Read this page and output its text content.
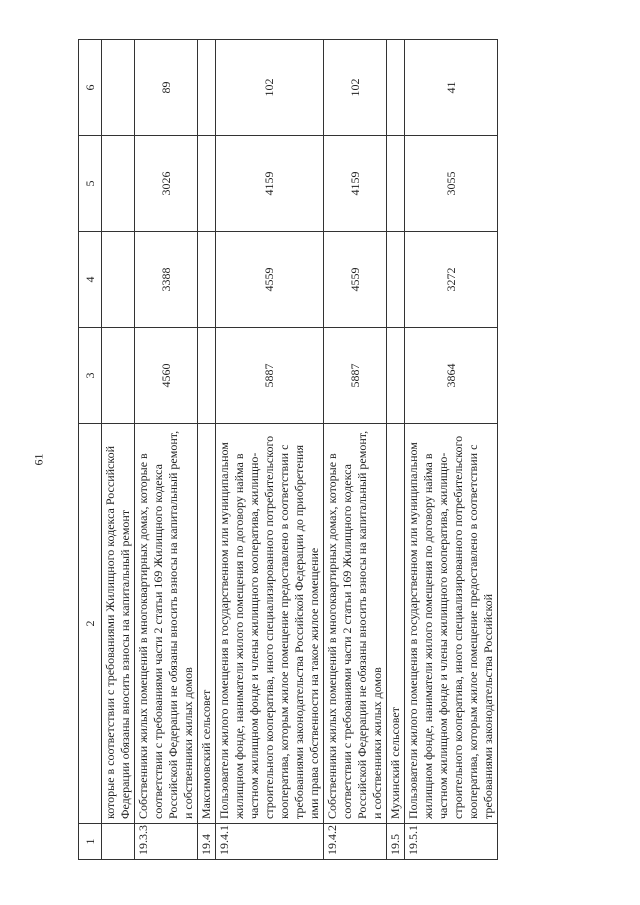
61
1	2	3	4	5	6
	которые в соответствии с требованиями Жилищного кодекса Российской Федерации обязаны вносить взносы на капитальный ремонт				
19.3.3	Собственники жилых помещений в многоквартирных домах, которые в соответствии с требованиями части 2 статьи 169 Жилищного кодекса Российской Федерации не обязаны вносить взносы на капитальный ремонт, и собственники жилых домов	4560	3388	3026	89
19.4	Максимовский сельсовет				
19.4.1	Пользователи жилого помещения в государственном или муниципальном жилищном фонде, наниматели жилого помещения по договору найма в частном жилищном фонде и члены жилищного кооператива, жилищно-строительного кооператива, иного специализированного потребительского кооператива, которым жилое помещение предоставлено в соответствии с требованиями законодательства Российской Федерации до приобретения ими права собственности на такое жилое помещение	5887	4559	4159	102
19.4.2	Собственники жилых помещений в многоквартирных домах, которые в соответствии с требованиями части 2 статьи 169 Жилищного кодекса Российской Федерации не обязаны вносить взносы на капитальный ремонт, и собственники жилых домов	5887	4559	4159	102
19.5	Мухинский сельсовет				
19.5.1	Пользователи жилого помещения в государственном или муниципальном жилищном фонде, наниматели жилого помещения по договору найма в частном жилищном фонде и члены жилищного кооператива, жилищно-строительного кооператива, иного специализированного потребительского кооператива, которым жилое помещение предоставлено в соответствии с требованиями законодательства Российской	3864	3272	3055	41
